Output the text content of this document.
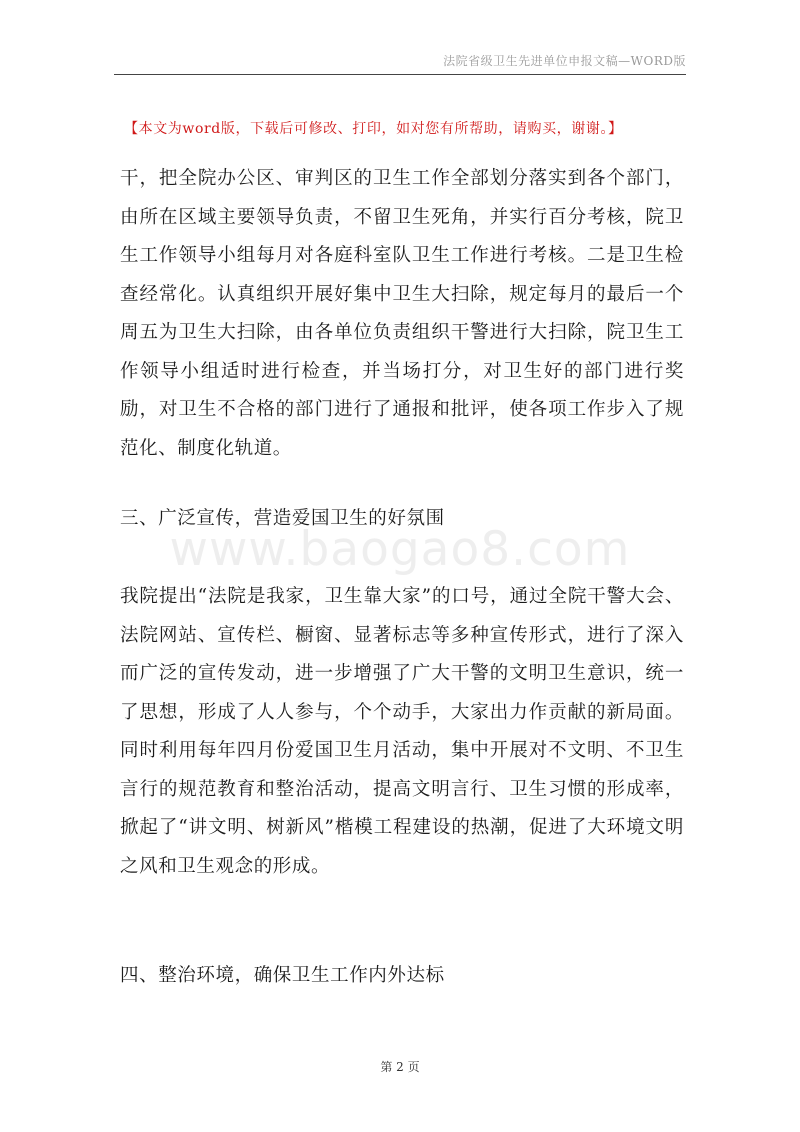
法院省级卫生先进单位申报文稿—WORD版
【本文为word版，下载后可修改、打印，如对您有所帮助，请购买，谢谢。】

干，把全院办公区、审判区的卫生工作全部划分落实到各个部门，由所在区域主要领导负责，不留卫生死角，并实行百分考核，院卫生工作领导小组每月对各庭科室队卫生工作进行考核。二是卫生检查经常化。认真组织开展好集中卫生大扫除，规定每月的最后一个周五为卫生大扫除，由各单位负责组织干警进行大扫除，院卫生工作领导小组适时进行检查，并当场打分，对卫生好的部门进行奖励，对卫生不合格的部门进行了通报和批评，使各项工作步入了规范化、制度化轨道。

三、广泛宣传，营造爱国卫生的好氛围
www.baogao8.com

我院提出“法院是我家，卫生靠大家”的口号，通过全院干警大会、法院网站、宣传栏、橱窗、显著标志等多种宣传形式，进行了深入而广泛的宣传发动，进一步增强了广大干警的文明卫生意识，统一了思想，形成了人人参与，个个动手，大家出力作贡献的新局面。同时利用每年四月份爱国卫生月活动，集中开展对不文明、不卫生言行的规范教育和整治活动，提高文明言行、卫生习惯的形成率，掀起了“讲文明、树新风”楷模工程建设的热潮，促进了大环境文明之风和卫生观念的形成。

四、整治环境，确保卫生工作内外达标
第 2 页
